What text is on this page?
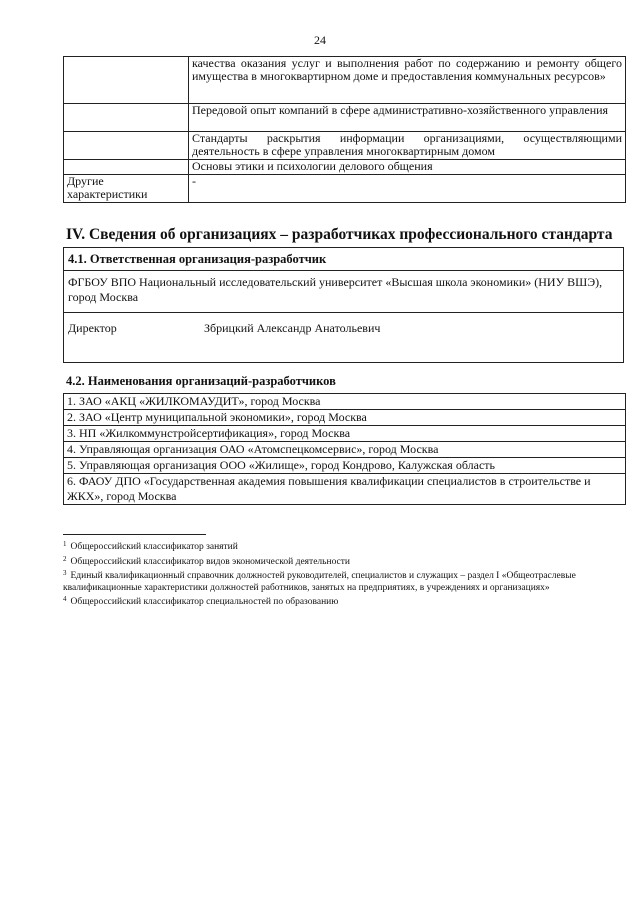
24
	качества оказания услуг и выполнения работ по содержанию и ремонту общего имущества в многоквартирном доме и предоставления коммунальных ресурсов»
	Передовой опыт компаний в сфере административно-хозяйственного управления
	Стандарты раскрытия информации организациями, осуществляющими деятельность в сфере управления многоквартирным домом
	Основы этики и психологии делового общения
Другие характеристики	-
IV. Сведения об организациях – разработчиках профессионального стандарта
4.1. Ответственная организация-разработчик
ФГБОУ ВПО Национальный исследовательский университет «Высшая школа экономики» (НИУ ВШЭ), город Москва
Директор	Збрицкий Александр Анатольевич
4.2. Наименования организаций-разработчиков
1. ЗАО «АКЦ «ЖИЛКОМАУДИТ», город Москва
2. ЗАО «Центр муниципальной экономики», город Москва
3. НП «Жилкоммунстройсертификация», город Москва
4. Управляющая организация ОАО «Атомспецкомсервис», город Москва
5. Управляющая организация ООО «Жилище», город Кондрово, Калужская область
6. ФАОУ ДПО «Государственная академия повышения квалификации специалистов в строительстве и ЖКХ», город Москва

$^1$ Общероссийский классификатор занятий

$^2$ Общероссийский классификатор видов экономической деятельности

$^3$ Единый квалификационный справочник должностей руководителей, специалистов и служащих – раздел I «Общеотраслевые квалификационные характеристики должностей работников, занятых на предприятиях, в учреждениях и организациях»

$^4$ Общероссийский классификатор специальностей по образованию
